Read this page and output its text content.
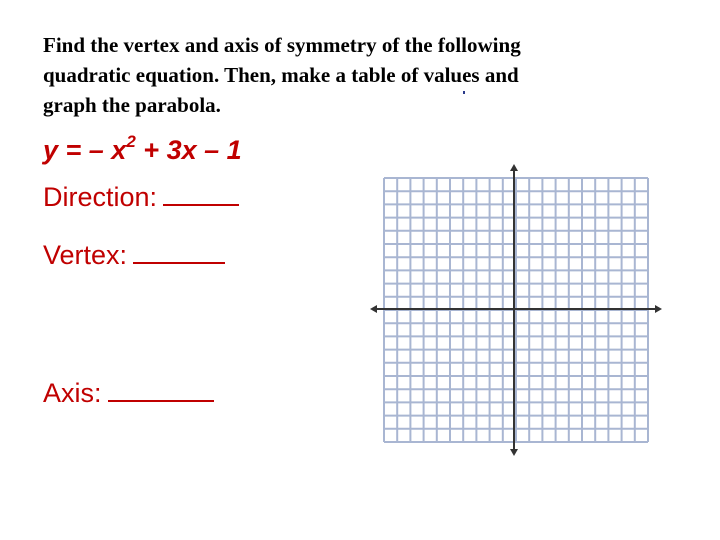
Find the vertex and axis of symmetry of the following
quadratic equation. Then, make a table of values and
graph the parabola.
y = – $x^2 + 3x - 1$
Direction:
Vertex:
Axis:
